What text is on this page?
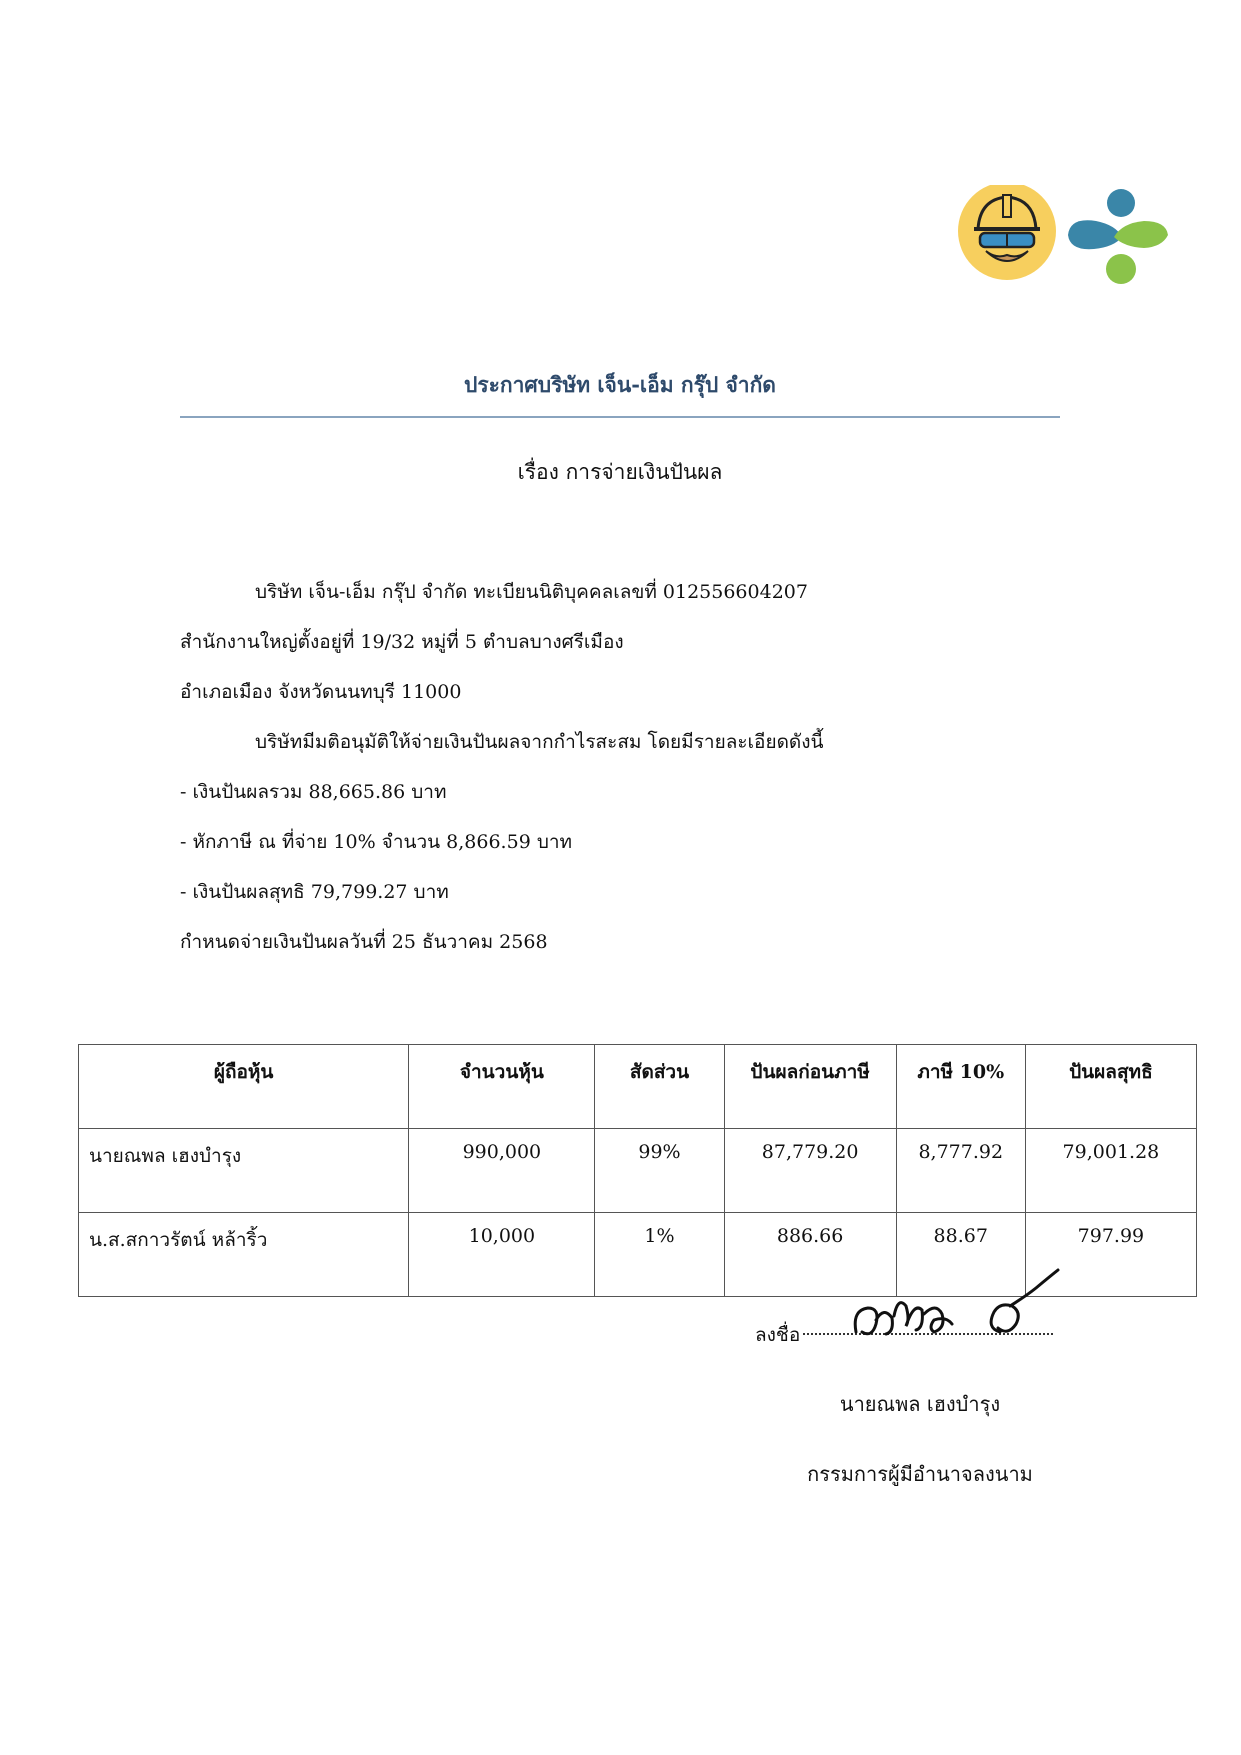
ประกาศบริษัท เจ็น-เอ็ม กรุ๊ป จำกัด
เรื่อง การจ่ายเงินปันผล
บริษัท เจ็น-เอ็ม กรุ๊ป จำกัด ทะเบียนนิติบุคคลเลขที่ 012556604207
สำนักงานใหญ่ตั้งอยู่ที่ 19/32 หมู่ที่ 5 ตำบลบางศรีเมือง
อำเภอเมือง จังหวัดนนทบุรี 11000
บริษัทมีมติอนุมัติให้จ่ายเงินปันผลจากกำไรสะสม โดยมีรายละเอียดดังนี้
- เงินปันผลรวม 88,665.86 บาท
- หักภาษี ณ ที่จ่าย 10% จำนวน 8,866.59 บาท
- เงินปันผลสุทธิ 79,799.27 บาท
กำหนดจ่ายเงินปันผลวันที่ 25 ธันวาคม 2568
ผู้ถือหุ้น	จำนวนหุ้น	สัดส่วน	ปันผลก่อนภาษี	ภาษี 10%	ปันผลสุทธิ
นายณพล เฮงบำรุง	990,000	99%	87,779.20	8,777.92	79,001.28
น.ส.สกาวรัตน์ หล้าริ้ว	10,000	1%	886.66	88.67	797.99
ลงชื่อ
นายณพล เฮงบำรุง
กรรมการผู้มีอำนาจลงนาม
